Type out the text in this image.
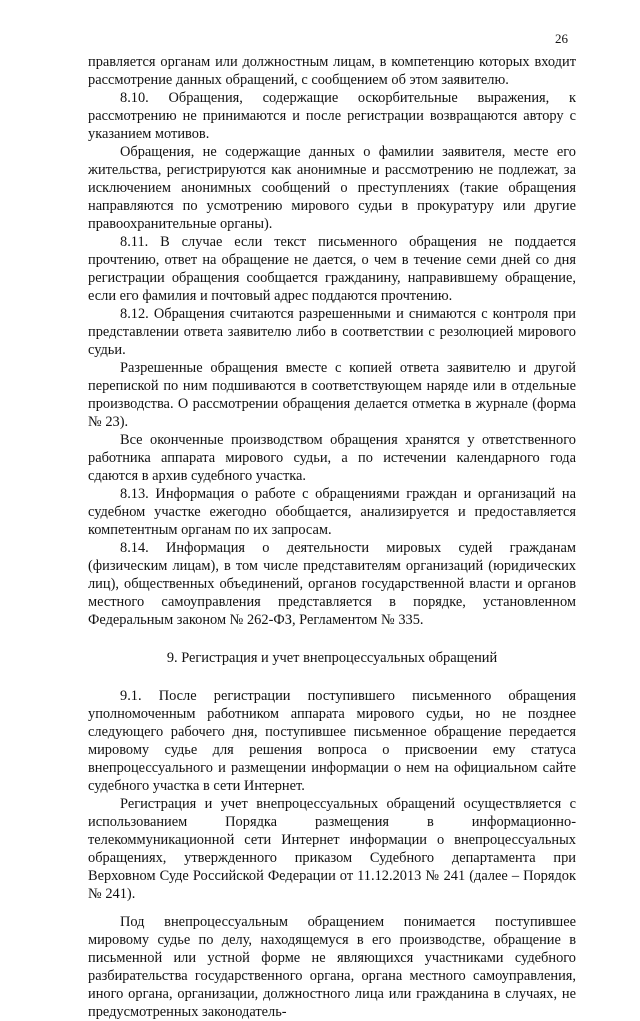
26

правляется органам или должностным лицам, в компетенцию которых входит рассмотрение данных обращений, с сообщением об этом заявителю.

8.10. Обращения, содержащие оскорбительные выражения, к рассмотрению не принимаются и после регистрации возвращаются автору с указанием мотивов.

Обращения, не содержащие данных о фамилии заявителя, месте его жительства, регистрируются как анонимные и рассмотрению не подлежат, за исключением анонимных сообщений о преступлениях (такие обращения направляются по усмотрению мирового судьи в прокуратуру или другие правоохранительные органы).

8.11. В случае если текст письменного обращения не поддается прочтению, ответ на обращение не дается, о чем в течение семи дней со дня регистрации обращения сообщается гражданину, направившему обращение, если его фамилия и почтовый адрес поддаются прочтению.

8.12. Обращения считаются разрешенными и снимаются с контроля при представлении ответа заявителю либо в соответствии с резолюцией мирового судьи.

Разрешенные обращения вместе с копией ответа заявителю и другой перепиской по ним подшиваются в соответствующем наряде или в отдельные производства. О рассмотрении обращения делается отметка в журнале (форма № 23).

Все оконченные производством обращения хранятся у ответственного работника аппарата мирового судьи, а по истечении календарного года сдаются в архив судебного участка.

8.13. Информация о работе с обращениями граждан и организаций на судебном участке ежегодно обобщается, анализируется и предоставляется компетентным органам по их запросам.

8.14. Информация о деятельности мировых судей гражданам (физическим лицам), в том числе представителям организаций (юридических лиц), общественных объединений, органов государственной власти и органов местного самоуправления представляется в порядке, установленном Федеральным законом № 262-ФЗ, Регламентом № 335.

9. Регистрация и учет внепроцессуальных обращений

9.1. После регистрации поступившего письменного обращения уполномоченным работником аппарата мирового судьи, но не позднее следующего рабочего дня, поступившее письменное обращение передается мировому судье для решения вопроса о присвоении ему статуса внепроцессуального и размещении информации о нем на официальном сайте судебного участка в сети Интернет.

Регистрация и учет внепроцессуальных обращений осуществляется с использованием Порядка размещения в информационно-телекоммуникационной сети Интернет информации о внепроцессуальных обращениях, утвержденного приказом Судебного департамента при Верховном Суде Российской Федерации от 11.12.2013 № 241 (далее – Порядок № 241).

Под внепроцессуальным обращением понимается поступившее мировому судье по делу, находящемуся в его производстве, обращение в письменной или устной форме не являющихся участниками судебного разбирательства государственного органа, органа местного самоуправления, иного органа, организации, должностного лица или гражданина в случаях, не предусмотренных законодатель-
